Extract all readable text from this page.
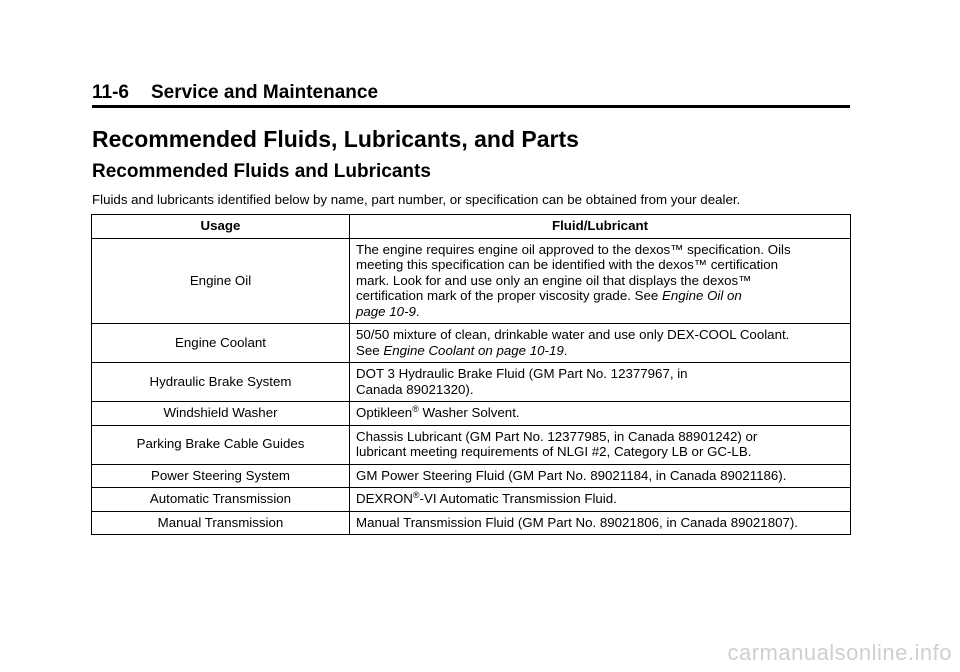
11-6 Service and Maintenance
Recommended Fluids, Lubricants, and Parts
Recommended Fluids and Lubricants

Fluids and lubricants identified below by name, part number, or specification can be obtained from your dealer.

Usage	Fluid/Lubricant
Engine Oil	The engine requires engine oil approved to the dexos™ specification. Oils
meeting this specification can be identified with the dexos™ certification
mark. Look for and use only an engine oil that displays the dexos™
certification mark of the proper viscosity grade. See Engine Oil on
page 10-9.
Engine Coolant	50/50 mixture of clean, drinkable water and use only DEX-COOL Coolant.
See Engine Coolant on page 10-19.
Hydraulic Brake System	DOT 3 Hydraulic Brake Fluid (GM Part No. 12377967, in
Canada 89021320).
Windshield Washer	Optikleen® Washer Solvent.
Parking Brake Cable Guides	Chassis Lubricant (GM Part No. 12377985, in Canada 88901242) or
lubricant meeting requirements of NLGI #2, Category LB or GC-LB.
Power Steering System	GM Power Steering Fluid (GM Part No. 89021184, in Canada 89021186).
Automatic Transmission	DEXRON®-VI Automatic Transmission Fluid.
Manual Transmission	Manual Transmission Fluid (GM Part No. 89021806, in Canada 89021807).
carmanualsonline.info
